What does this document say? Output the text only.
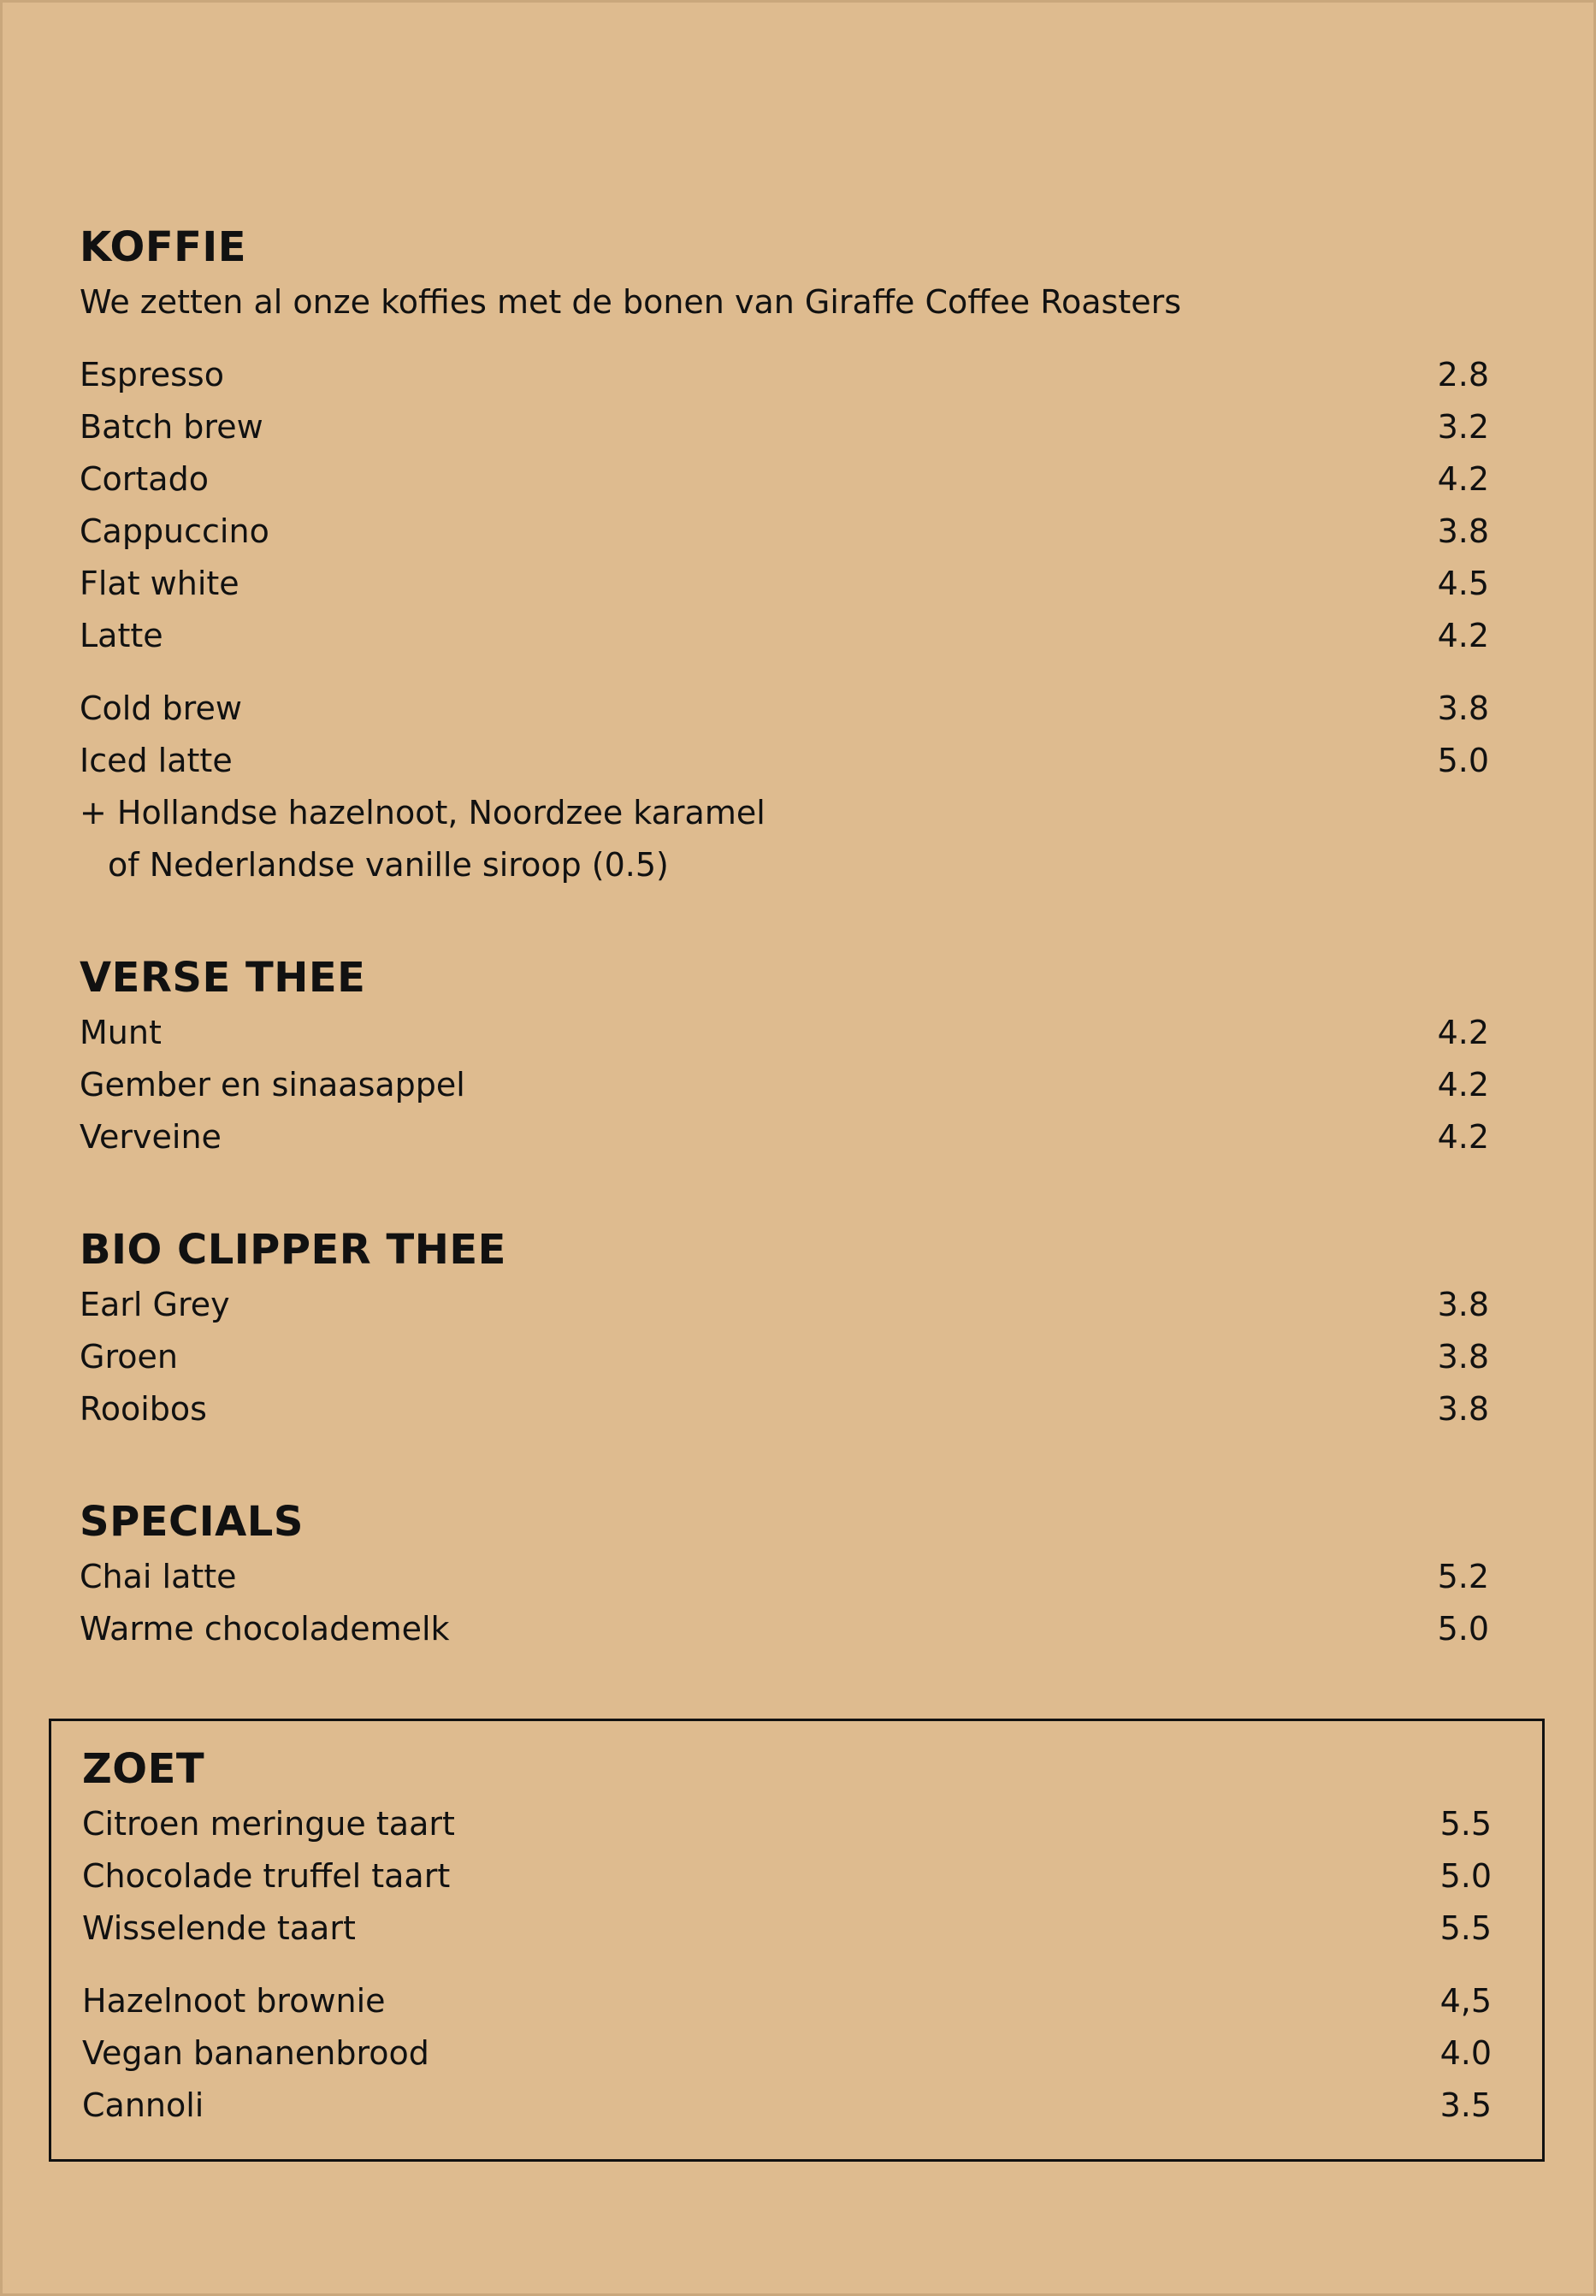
KOFFIE
We zetten al onze koffies met de bonen van Giraffe Coffee Roasters
Espresso	2.8
Batch brew	3.2
Cortado	4.2
Cappuccino	3.8
Flat white	4.5
Latte	4.2
Cold brew	3.8
Iced latte	5.0
+ Hollandse hazelnoot, Noordzee karamel
of Nederlandse vanille siroop (0.5)
VERSE THEE
Munt	4.2
Gember en sinaasappel	4.2
Verveine	4.2
BIO CLIPPER THEE
Earl Grey	3.8
Groen	3.8
Rooibos	3.8
SPECIALS
Chai latte	5.2
Warme chocolademelk	5.0
ZOET
Citroen meringue taart	5.5
Chocolade truffel taart	5.0
Wisselende taart	5.5
Hazelnoot brownie	4,5
Vegan bananenbrood	4.0
Cannoli	3.5
